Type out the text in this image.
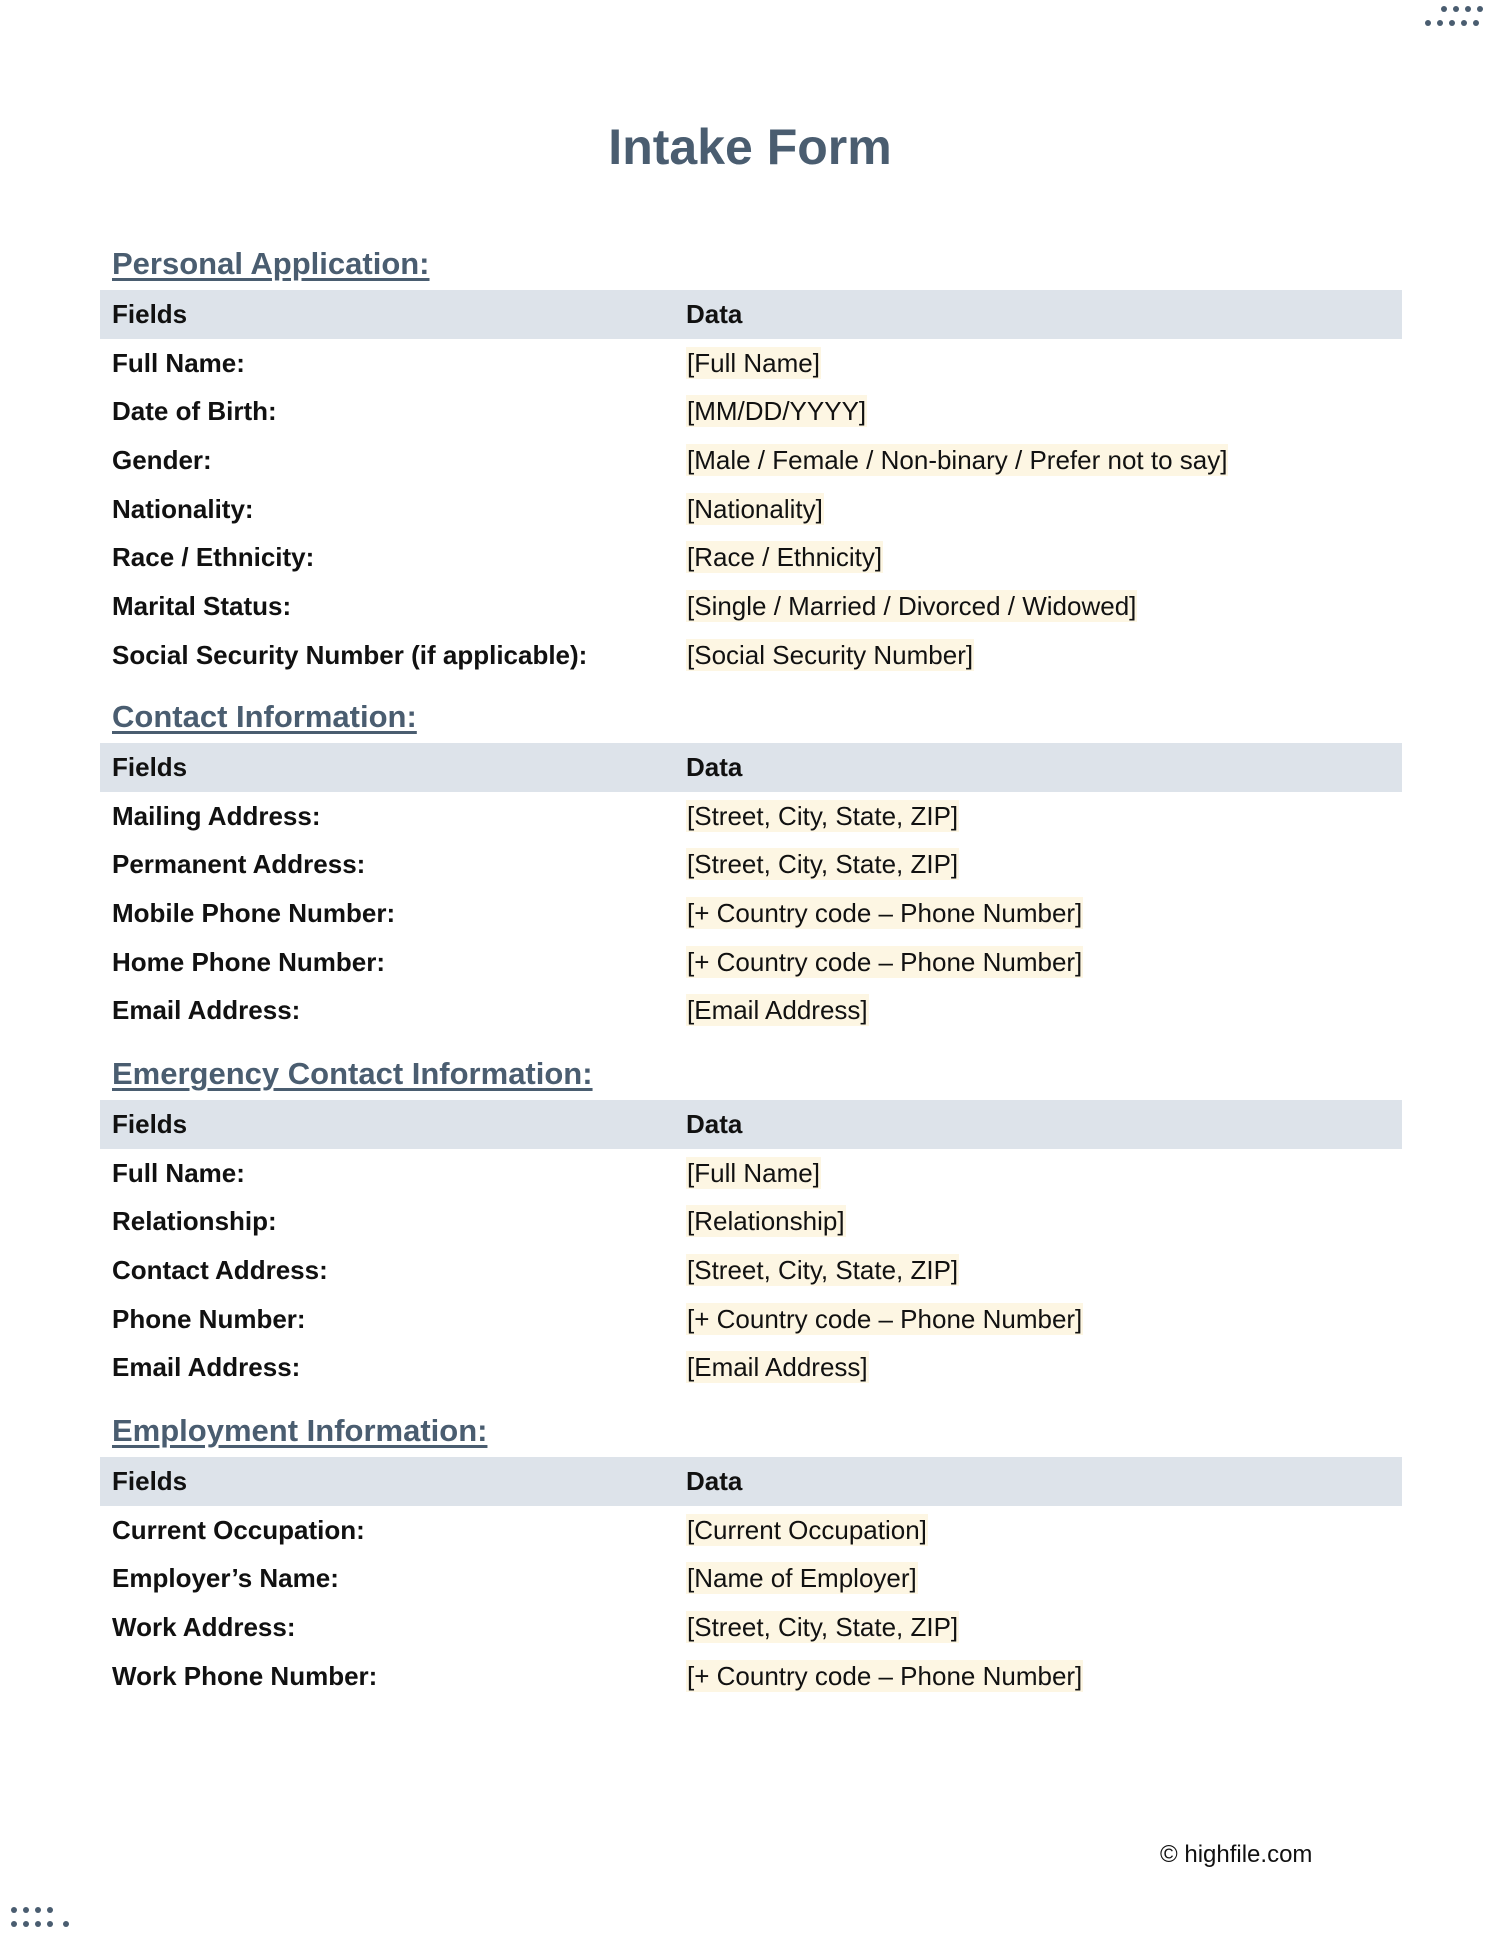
Intake Form
Personal Application:
Fields	Data
Full Name:	[Full Name]
Date of Birth:	[MM/DD/YYYY]
Gender:	[Male / Female / Non-binary / Prefer not to say]
Nationality:	[Nationality]
Race / Ethnicity:	[Race / Ethnicity]
Marital Status:	[Single / Married / Divorced / Widowed]
Social Security Number (if applicable):	[Social Security Number]
Contact Information:
Fields	Data
Mailing Address:	[Street, City, State, ZIP]
Permanent Address:	[Street, City, State, ZIP]
Mobile Phone Number:	[+ Country code – Phone Number]
Home Phone Number:	[+ Country code – Phone Number]
Email Address:	[Email Address]
Emergency Contact Information:
Fields	Data
Full Name:	[Full Name]
Relationship:	[Relationship]
Contact Address:	[Street, City, State, ZIP]
Phone Number:	[+ Country code – Phone Number]
Email Address:	[Email Address]
Employment Information:
Fields	Data
Current Occupation:	[Current Occupation]
Employer’s Name:	[Name of Employer]
Work Address:	[Street, City, State, ZIP]
Work Phone Number:	[+ Country code – Phone Number]
© highfile.com
